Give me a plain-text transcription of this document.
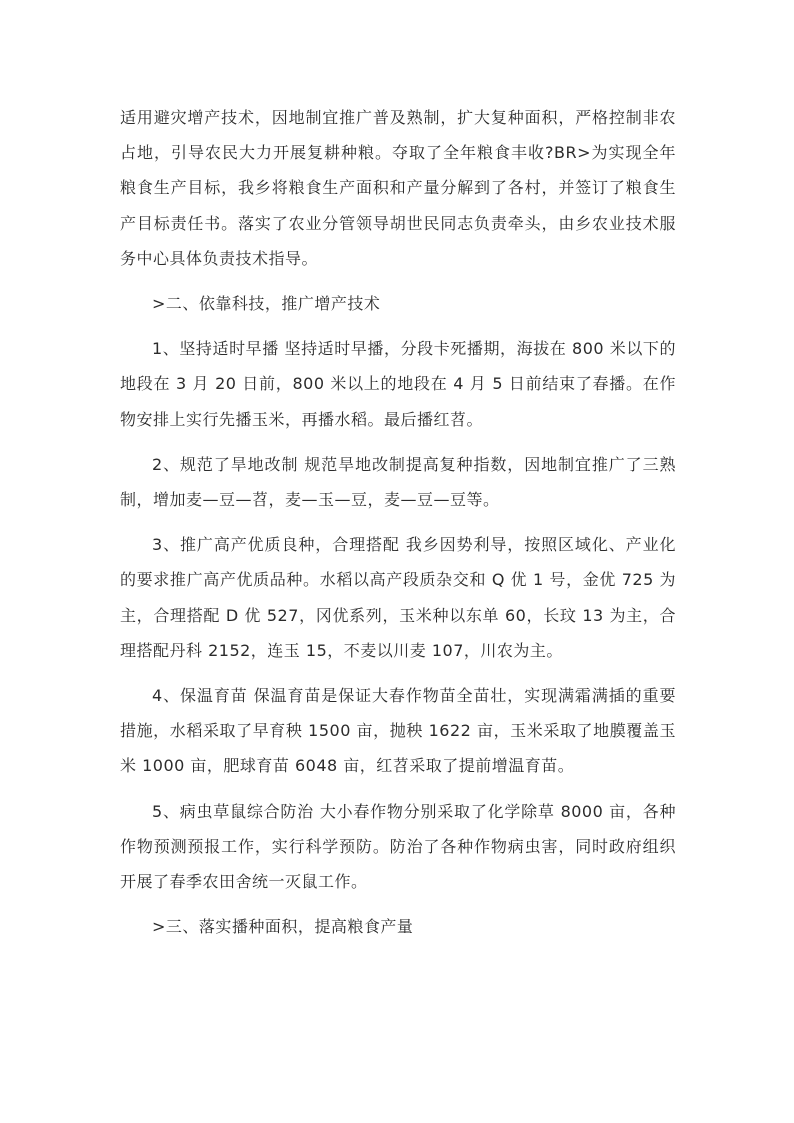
适用避灾增产技术，因地制宜推广普及熟制，扩大复种面积，严格控制非农占地，引导农民大力开展复耕种粮。夺取了全年粮食丰收?BR>为实现全年粮食生产目标，我乡将粮食生产面积和产量分解到了各村，并签订了粮食生产目标责任书。落实了农业分管领导胡世民同志负责牵头，由乡农业技术服务中心具体负责技术指导。

>二、依靠科技，推广增产技术

1、坚持适时早播 坚持适时早播，分段卡死播期，海拔在 800 米以下的地段在 3 月 20 日前，800 米以上的地段在 4 月 5 日前结束了春播。在作物安排上实行先播玉米，再播水稻。最后播红苕。

2、规范了旱地改制 规范旱地改制提高复种指数，因地制宜推广了三熟制，增加麦—豆—苕，麦—玉—豆，麦—豆—豆等。

3、推广高产优质良种，合理搭配 我乡因势利导，按照区域化、产业化的要求推广高产优质品种。水稻以高产段质杂交和 Q 优 1 号，金优 725 为主，合理搭配 D 优 527，冈优系列，玉米种以东单 60，长玟 13 为主，合理搭配丹科 2152，连玉 15，不麦以川麦 107，川农为主。

4、保温育苗 保温育苗是保证大春作物苗全苗壮，实现满霜满插的重要措施，水稻采取了早育秧 1500 亩，抛秧 1622 亩，玉米采取了地膜覆盖玉米 1000 亩，肥球育苗 6048 亩，红苕采取了提前增温育苗。

5、病虫草鼠综合防治 大小春作物分别采取了化学除草 8000 亩，各种作物预测预报工作，实行科学预防。防治了各种作物病虫害，同时政府组织开展了春季农田舍统一灭鼠工作。

>三、落实播种面积，提高粮食产量
